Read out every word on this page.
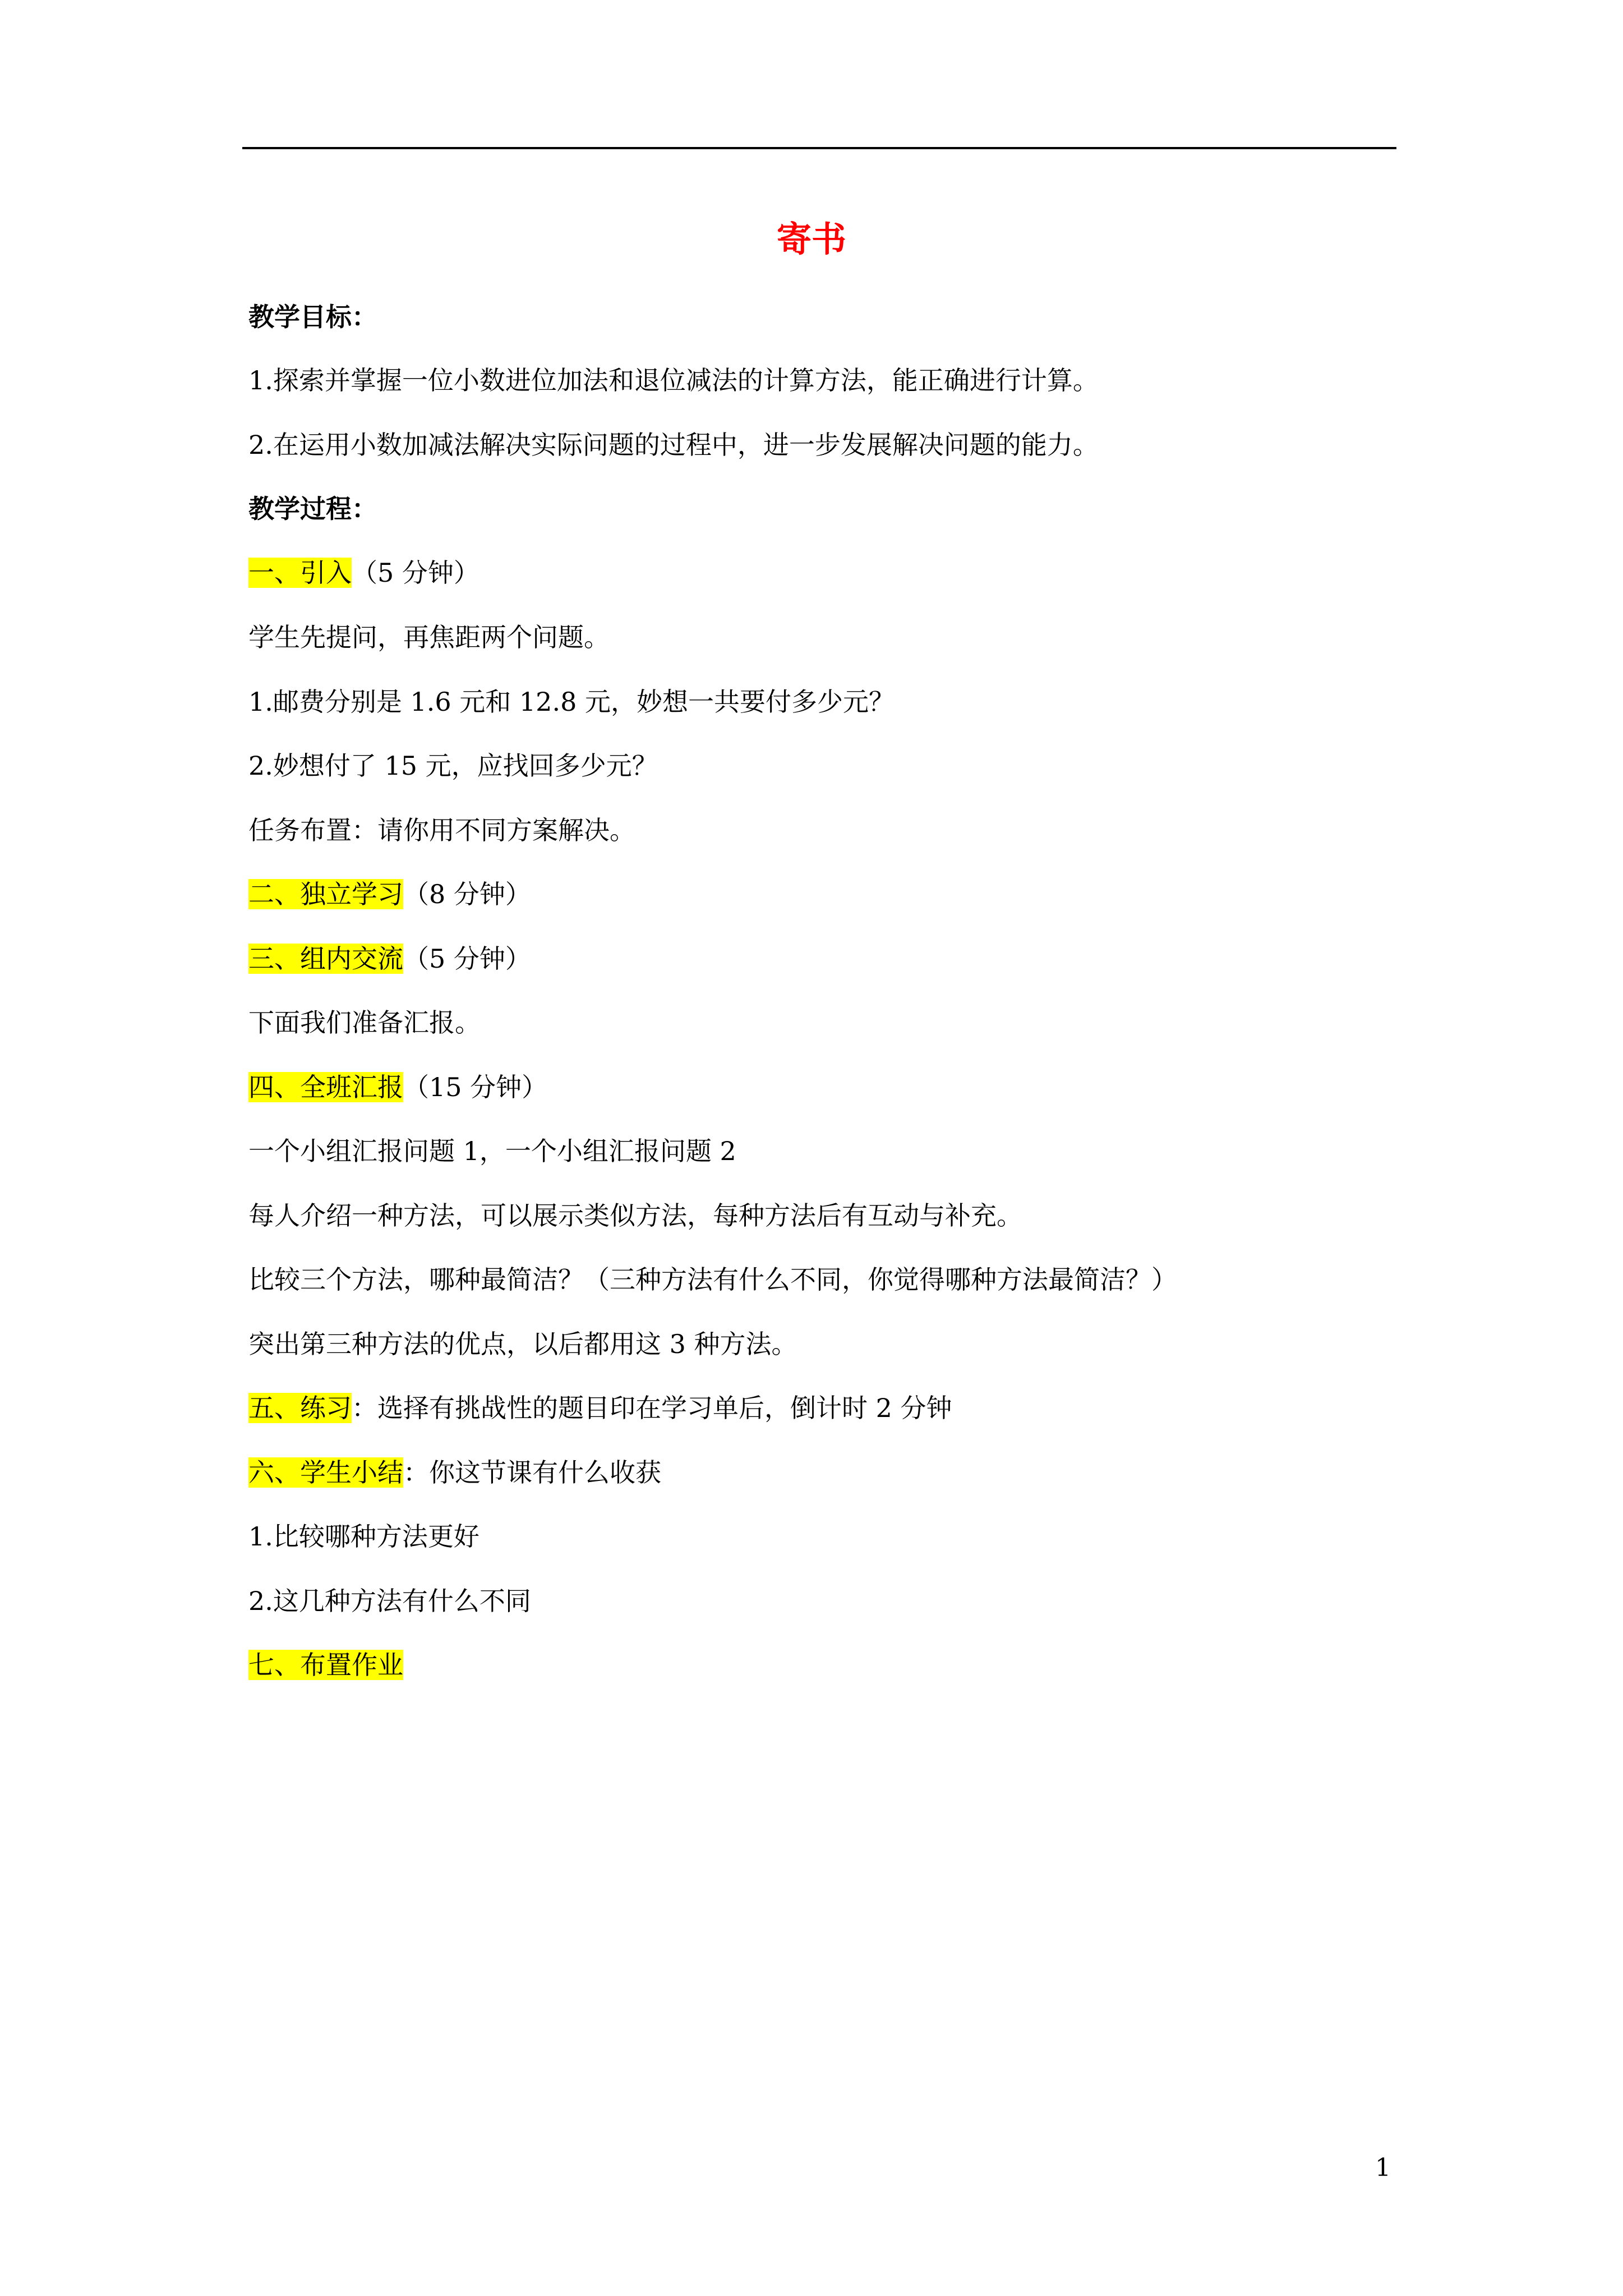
寄书
教学目标：
1.探索并掌握一位小数进位加法和退位减法的计算方法，能正确进行计算。
2.在运用小数加减法解决实际问题的过程中，进一步发展解决问题的能力。
教学过程：
一、引入（5 分钟）
学生先提问，再焦距两个问题。
1.邮费分别是 1.6 元和 12.8 元，妙想一共要付多少元？
2.妙想付了 15 元，应找回多少元？
任务布置：请你用不同方案解决。
二、独立学习（8 分钟）
三、组内交流（5 分钟）
下面我们准备汇报。
四、全班汇报（15 分钟）
一个小组汇报问题 1，一个小组汇报问题 2
每人介绍一种方法，可以展示类似方法，每种方法后有互动与补充。
比较三个方法，哪种最简洁？（三种方法有什么不同，你觉得哪种方法最简洁？）
突出第三种方法的优点，以后都用这 3 种方法。
五、练习：选择有挑战性的题目印在学习单后，倒计时 2 分钟
六、学生小结：你这节课有什么收获
1.比较哪种方法更好
2.这几种方法有什么不同
七、布置作业
1
